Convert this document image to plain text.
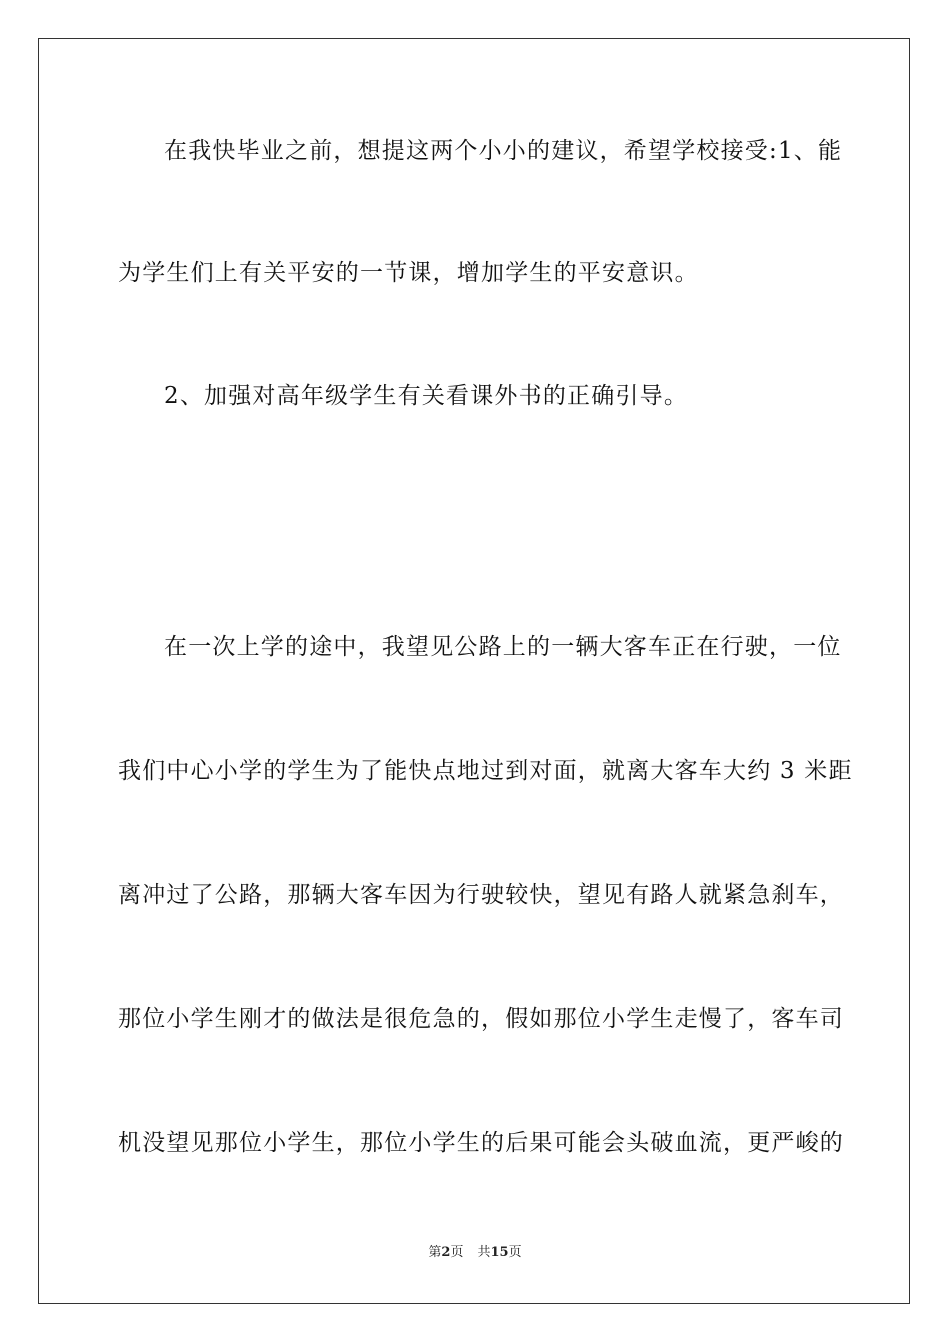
在我快毕业之前，想提这两个小小的建议，希望学校接受:1、能
为学生们上有关平安的一节课，增加学生的平安意识。
2、加强对高年级学生有关看课外书的正确引导。
在一次上学的途中，我望见公路上的一辆大客车正在行驶，一位
我们中心小学的学生为了能快点地过到对面，就离大客车大约 3 米距
离冲过了公路，那辆大客车因为行驶较快，望见有路人就紧急刹车，
那位小学生刚才的做法是很危急的，假如那位小学生走慢了，客车司
机没望见那位小学生，那位小学生的后果可能会头破血流，更严峻的
第2页 共15页
